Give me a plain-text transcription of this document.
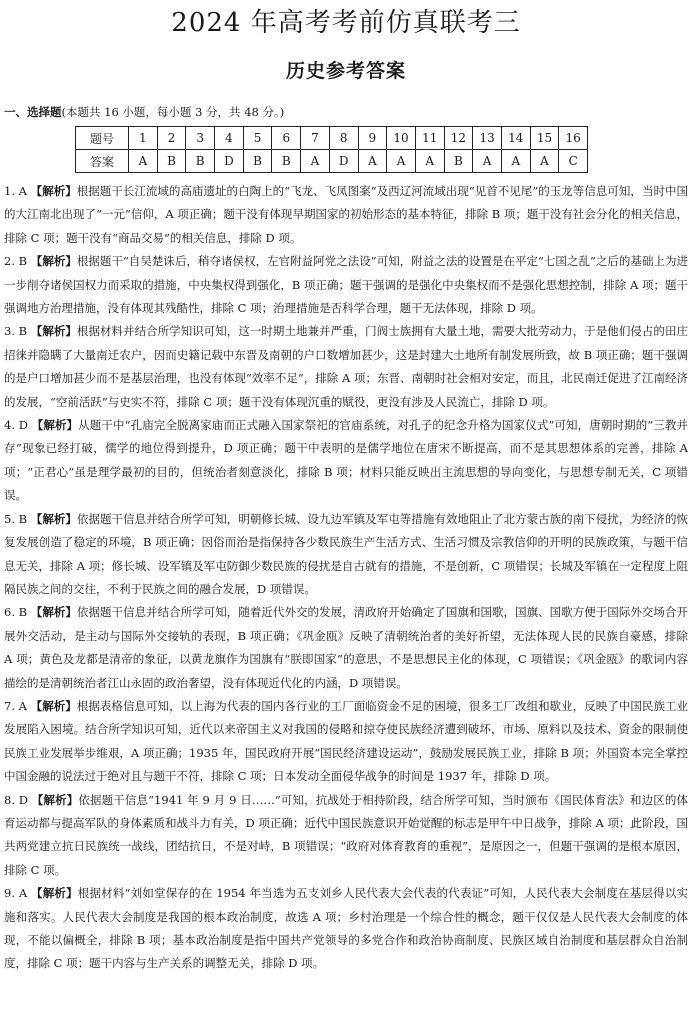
2024 年高考考前仿真联考三
历史参考答案
一、选择题(本题共 16 小题，每小题 3 分，共 48 分。)
题号	1	2	3	4	5	6	7	8	9	10	11	12	13	14	15	16
答案	A	B	B	D	B	B	A	D	A	A	A	B	A	A	A	C

1. A 【解析】根据题干长江流域的高庙遗址的白陶上的“飞龙、飞凤图案”及西辽河流域出现“见首不见尾”的玉龙等信息可知，当时中国的大江南北出现了“一元”信仰，A 项正确；题干没有体现早期国家的初始形态的基本特征，排除 B 项；题干没有社会分化的相关信息，排除 C 项；题干没有“商品交易”的相关信息，排除 D 项。

2. B 【解析】根据题干“自吴楚诛后，稍夺诸侯权，左官附益阿党之法设”可知，附益之法的设置是在平定“七国之乱”之后的基础上为进一步削夺诸侯国权力而采取的措施，中央集权得到强化，B 项正确；题干强调的是强化中央集权而不是强化思想控制，排除 A 项；题干强调地方治理措施，没有体现其残酷性，排除 C 项；治理措施是否科学合理，题干无法体现，排除 D 项。

3. B 【解析】根据材料并结合所学知识可知，这一时期土地兼并严重，门阀士族拥有大量土地，需要大批劳动力，于是他们侵占的田庄招徕并隐瞒了大量南迁农户，因而史籍记载中东晋及南朝的户口数增加甚少，这是封建大土地所有制发展所致，故 B 项正确；题干强调的是户口增加甚少而不是基层治理，也没有体现“效率不足”，排除 A 项；东晋、南朝时社会相对安定，而且，北民南迁促进了江南经济的发展，“空前活跃”与史实不符，排除 C 项；题干没有体现沉重的赋役，更没有涉及人民流亡，排除 D 项。

4. D 【解析】从题干中“孔庙完全脱离家庙而正式融入国家祭祀的官庙系统，对孔子的纪念升格为国家仪式”可知，唐朝时期的“三教并存”现象已经打破，儒学的地位得到提升，D 项正确；题干中表明的是儒学地位在唐宋不断提高，而不是其思想体系的完善，排除 A 项；“正君心”虽是理学最初的目的，但统治者刻意淡化，排除 B 项；材料只能反映出主流思想的导向变化，与思想专制无关，C 项错误。

5. B 【解析】依据题干信息并结合所学可知，明朝修长城、设九边军镇及军屯等措施有效地阻止了北方蒙古族的南下侵扰，为经济的恢复发展创造了稳定的环境，B 项正确；因俗而治是指保持各少数民族生产生活方式、生活习惯及宗教信仰的开明的民族政策，与题干信息无关，排除 A 项；修长城、设军镇及军屯防御少数民族的侵扰是自古就有的措施，不是创新，C 项错误；长城及军镇在一定程度上阻隔民族之间的交往，不利于民族之间的融合发展，D 项错误。

6. B 【解析】依据题干信息并结合所学可知，随着近代外交的发展，清政府开始确定了国旗和国歌，国旗、国歌方便于国际外交场合开展外交活动，是主动与国际外交接轨的表现，B 项正确；《巩金瓯》反映了清朝统治者的美好祈望，无法体现人民的民族自豪感，排除 A 项；黄色及龙都是清帝的象征，以黄龙旗作为国旗有“朕即国家”的意思，不是思想民主化的体现，C 项错误；《巩金瓯》的歌词内容描绘的是清朝统治者江山永固的政治奢望，没有体现近代化的内涵，D 项错误。

7. A 【解析】根据表格信息可知，以上海为代表的国内各行业的工厂面临资金不足的困境，很多工厂改组和歇业，反映了中国民族工业发展陷入困境。结合所学知识可知，近代以来帝国主义对我国的侵略和掠夺使民族经济遭到破坏，市场、原料以及技术、资金的限制使民族工业发展举步维艰，A 项正确；1935 年，国民政府开展“国民经济建设运动”，鼓励发展民族工业，排除 B 项；外国资本完全掌控中国金融的说法过于绝对且与题干不符，排除 C 项；日本发动全面侵华战争的时间是 1937 年，排除 D 项。

8. D 【解析】依据题干信息“1941 年 9 月 9 日……”可知，抗战处于相持阶段，结合所学可知，当时颁布《国民体育法》和边区的体育运动都与提高军队的身体素质和战斗力有关，D 项正确；近代中国民族意识开始觉醒的标志是甲午中日战争，排除 A 项；此阶段，国共两党建立抗日民族统一战线，团结抗日，不是对峙，B 项错误；“政府对体育教育的重视”，是原因之一，但题干强调的是根本原因，排除 C 项。

9. A 【解析】根据材料“刘如堂保存的在 1954 年当选为五支刘乡人民代表大会代表的代表证”可知，人民代表大会制度在基层得以实施和落实。人民代表大会制度是我国的根本政治制度，故选 A 项；乡村治理是一个综合性的概念，题干仅仅是人民代表大会制度的体现，不能以偏概全，排除 B 项；基本政治制度是指中国共产党领导的多党合作和政治协商制度、民族区域自治制度和基层群众自治制度，排除 C 项；题干内容与生产关系的调整无关，排除 D 项。
